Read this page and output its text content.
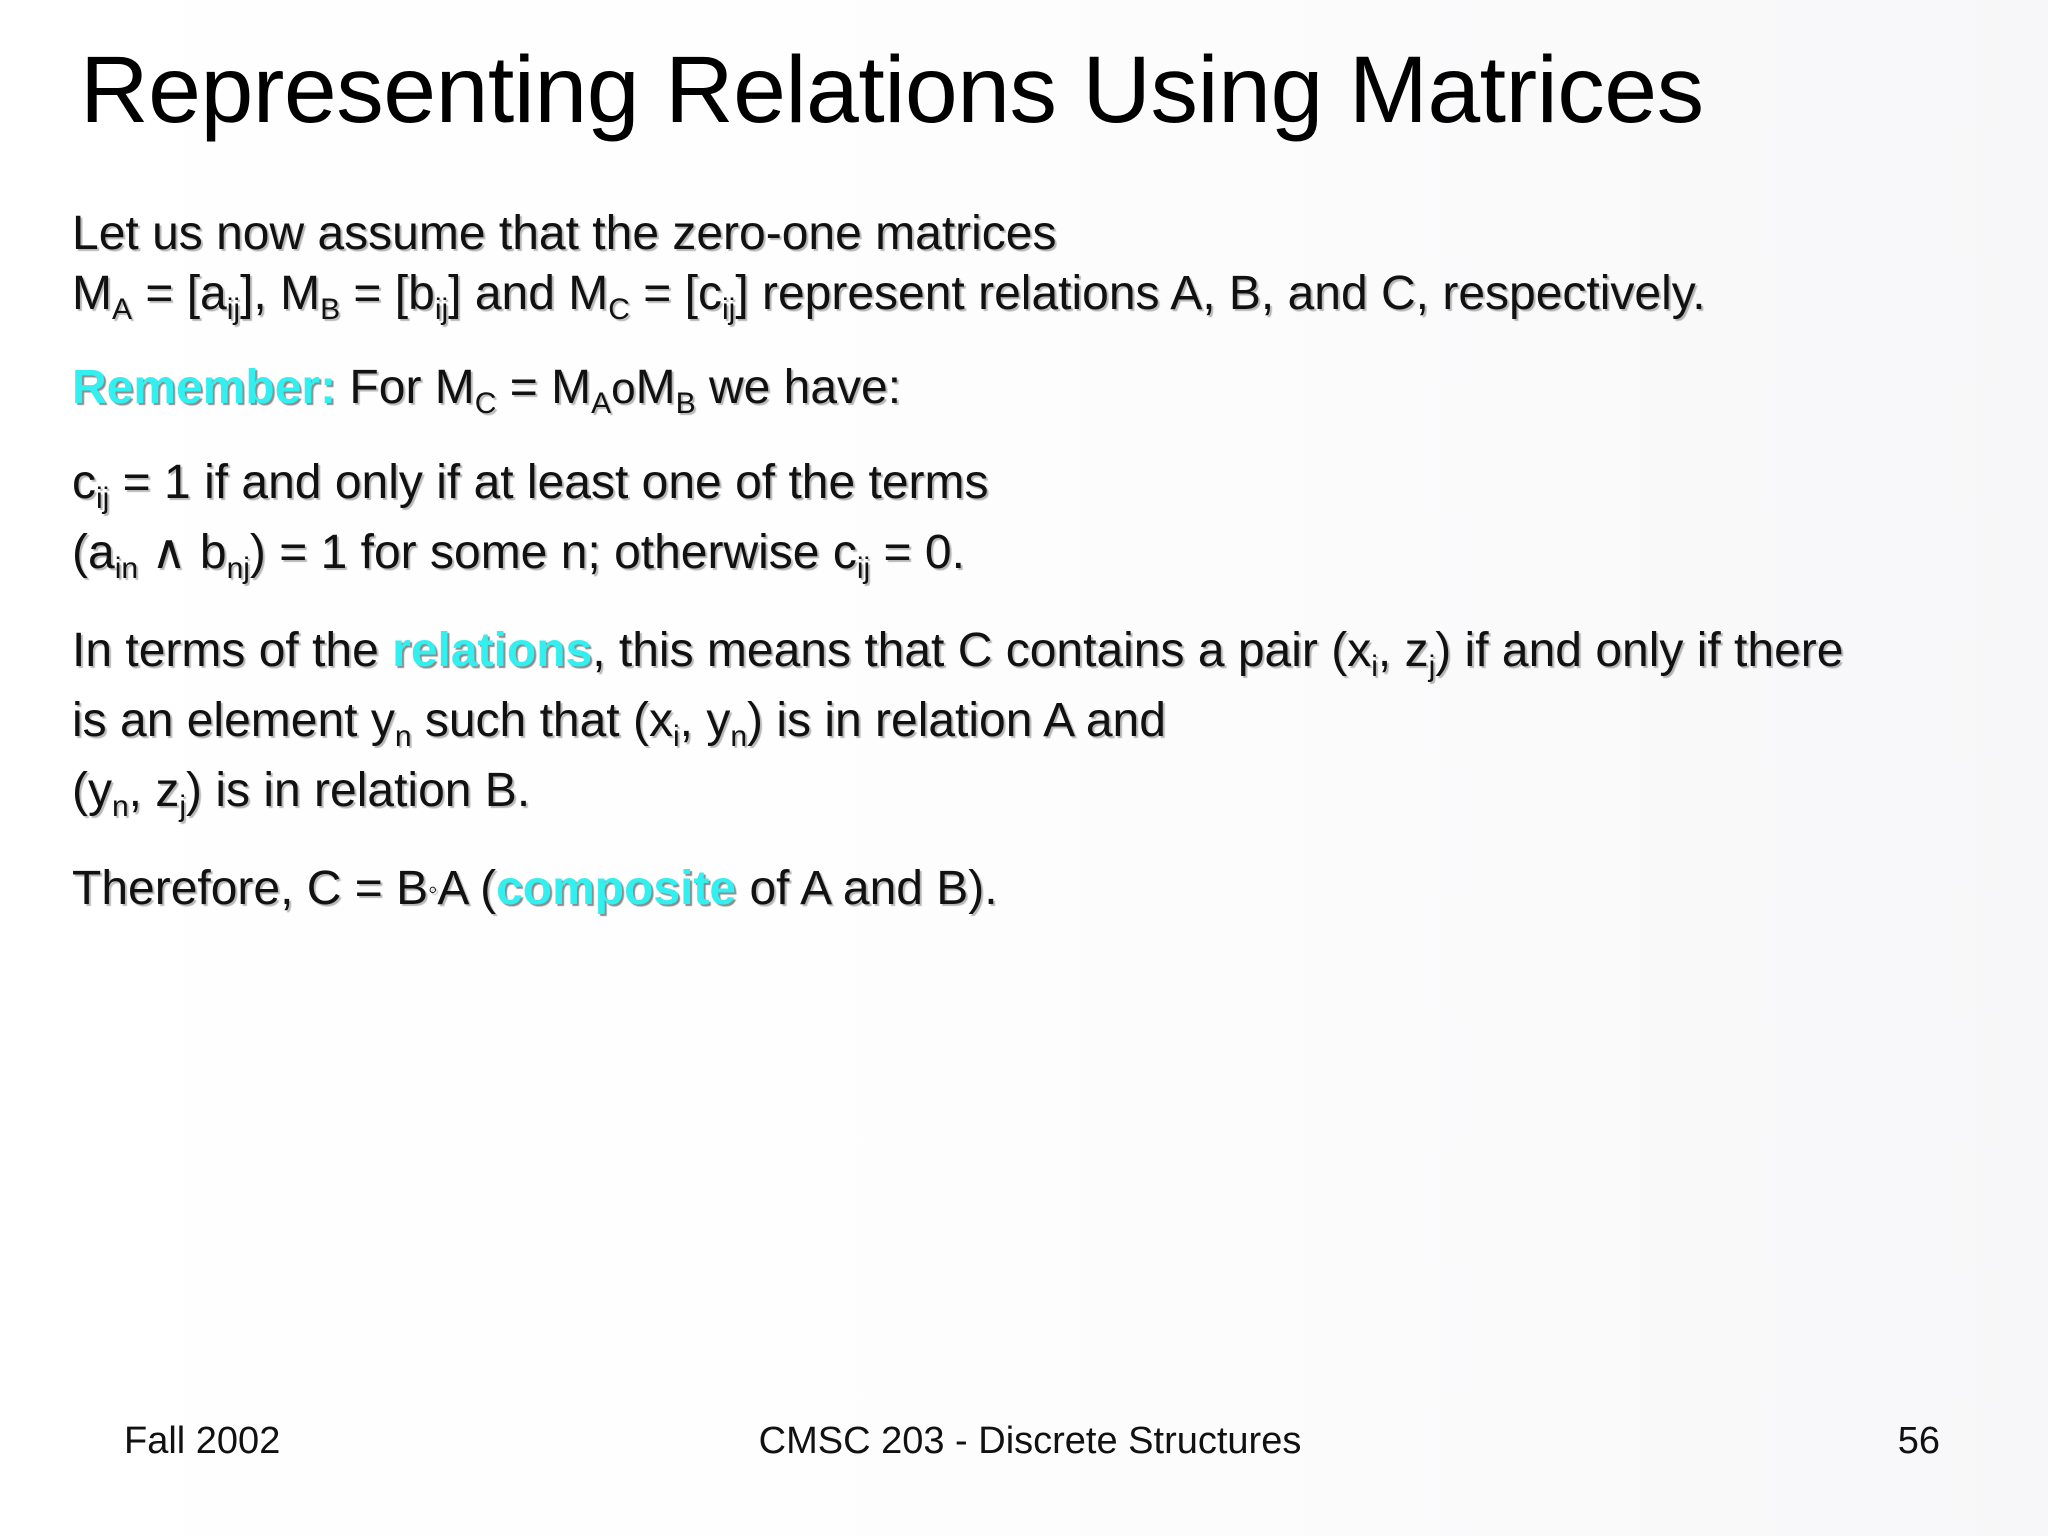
Representing Relations Using Matrices

Let us now assume that the zero-one matrices

$M_A = [a_{ij}]$, $M_B = [b_{ij}]$ and $M_C = [c_{ij}]$ represent relations A, B, and C, respectively.

Remember: For $M_C = M_AoM_B$ we have:

$c_{ij} = 1$ if and only if at least one of the terms

($a_{in}$ ∧ $b_{nj}) = 1$ for some n; otherwise $c_{ij} = 0$.

In terms of the relations, this means that C contains a pair ($x_i$, $z_j$) if and only if there

is an element $y_n$ such that ($x_i$, $y_n$) is in relation A and

($y_n$, $z_j$) is in relation B.

Therefore, C = B◦A (composite of A and B).

Fall 2002	CMSC 203 - Discrete Structures	56
